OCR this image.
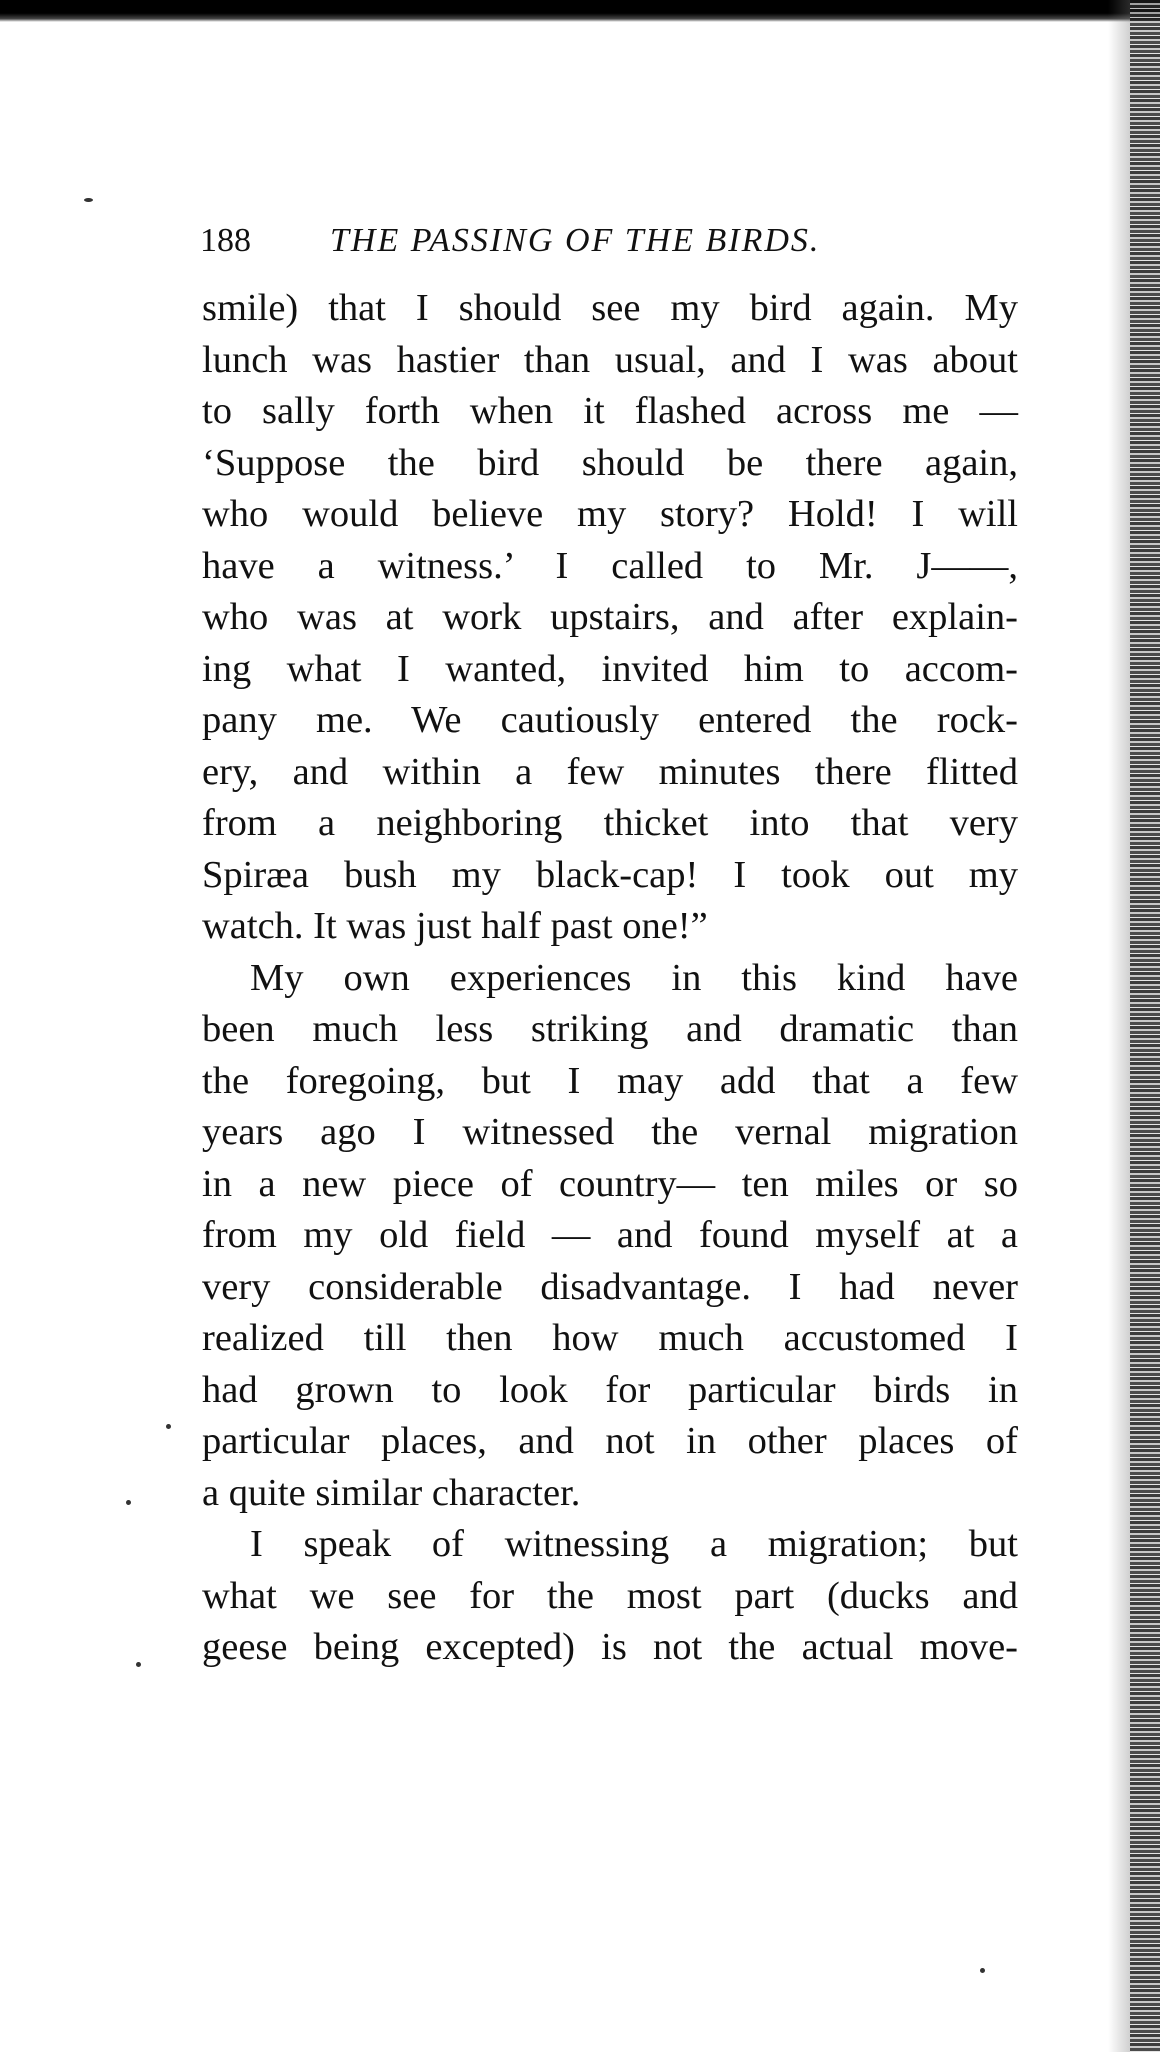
188 THE PASSING OF THE BIRDS.
smile) that I should see my bird again. My
lunch was hastier than usual, and I was about
to sally forth when it flashed across me —
‘Suppose the bird should be there again,
who would believe my story? Hold! I will
have a witness.’ I called to Mr. J——,
who was at work upstairs, and after explain-
ing what I wanted, invited him to accom-
pany me. We cautiously entered the rock-
ery, and within a few minutes there flitted
from a neighboring thicket into that very
Spiræa bush my black-cap! I took out my
watch. It was just half past one!”
My own experiences in this kind have
been much less striking and dramatic than
the foregoing, but I may add that a few
years ago I witnessed the vernal migration
in a new piece of country— ten miles or so
from my old field — and found myself at a
very considerable disadvantage. I had never
realized till then how much accustomed I
had grown to look for particular birds in
particular places, and not in other places of
a quite similar character.
I speak of witnessing a migration; but
what we see for the most part (ducks and
geese being excepted) is not the actual move-
